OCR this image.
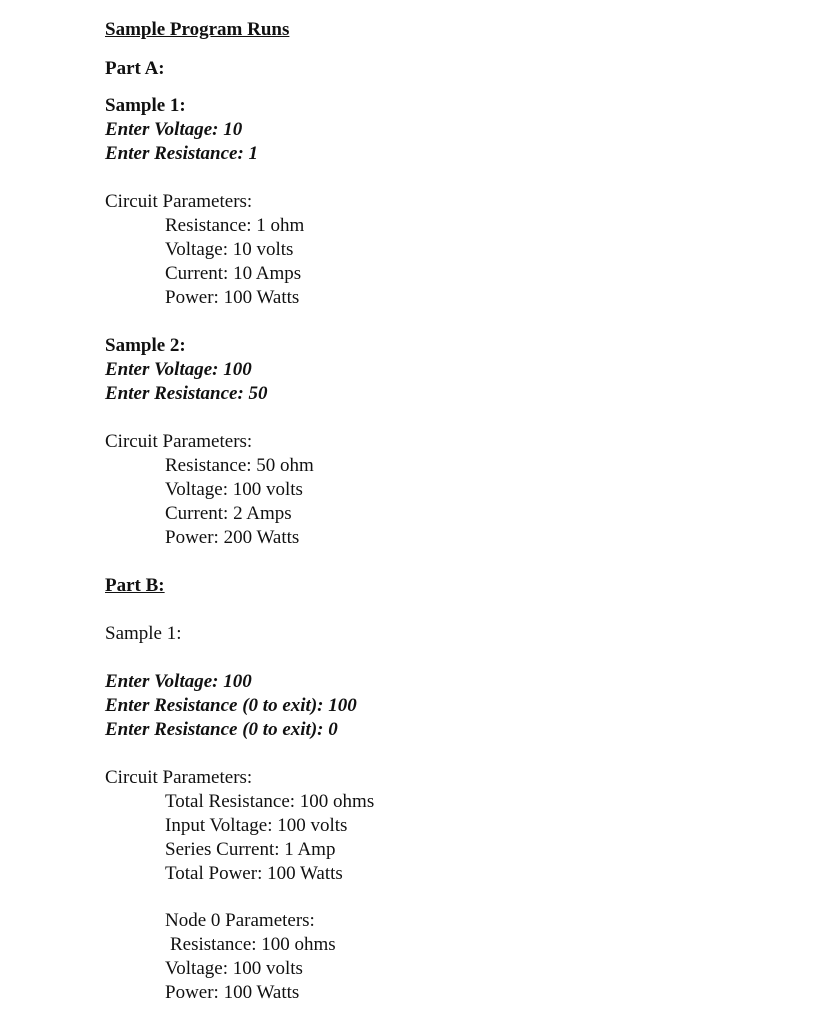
Sample Program Runs

Part A:

Sample 1:

Enter Voltage: 10

Enter Resistance: 1

Circuit Parameters:

Resistance: 1 ohm

Voltage: 10 volts

Current: 10 Amps

Power: 100 Watts

Sample 2:

Enter Voltage: 100

Enter Resistance: 50

Circuit Parameters:

Resistance: 50 ohm

Voltage: 100 volts

Current: 2 Amps

Power: 200 Watts

Part B:

Sample 1:

Enter Voltage: 100

Enter Resistance (0 to exit): 100

Enter Resistance (0 to exit): 0

Circuit Parameters:

Total Resistance: 100 ohms

Input Voltage: 100 volts

Series Current: 1 Amp

Total Power: 100 Watts

Node 0 Parameters:

Resistance: 100 ohms

Voltage: 100 volts

Power: 100 Watts
